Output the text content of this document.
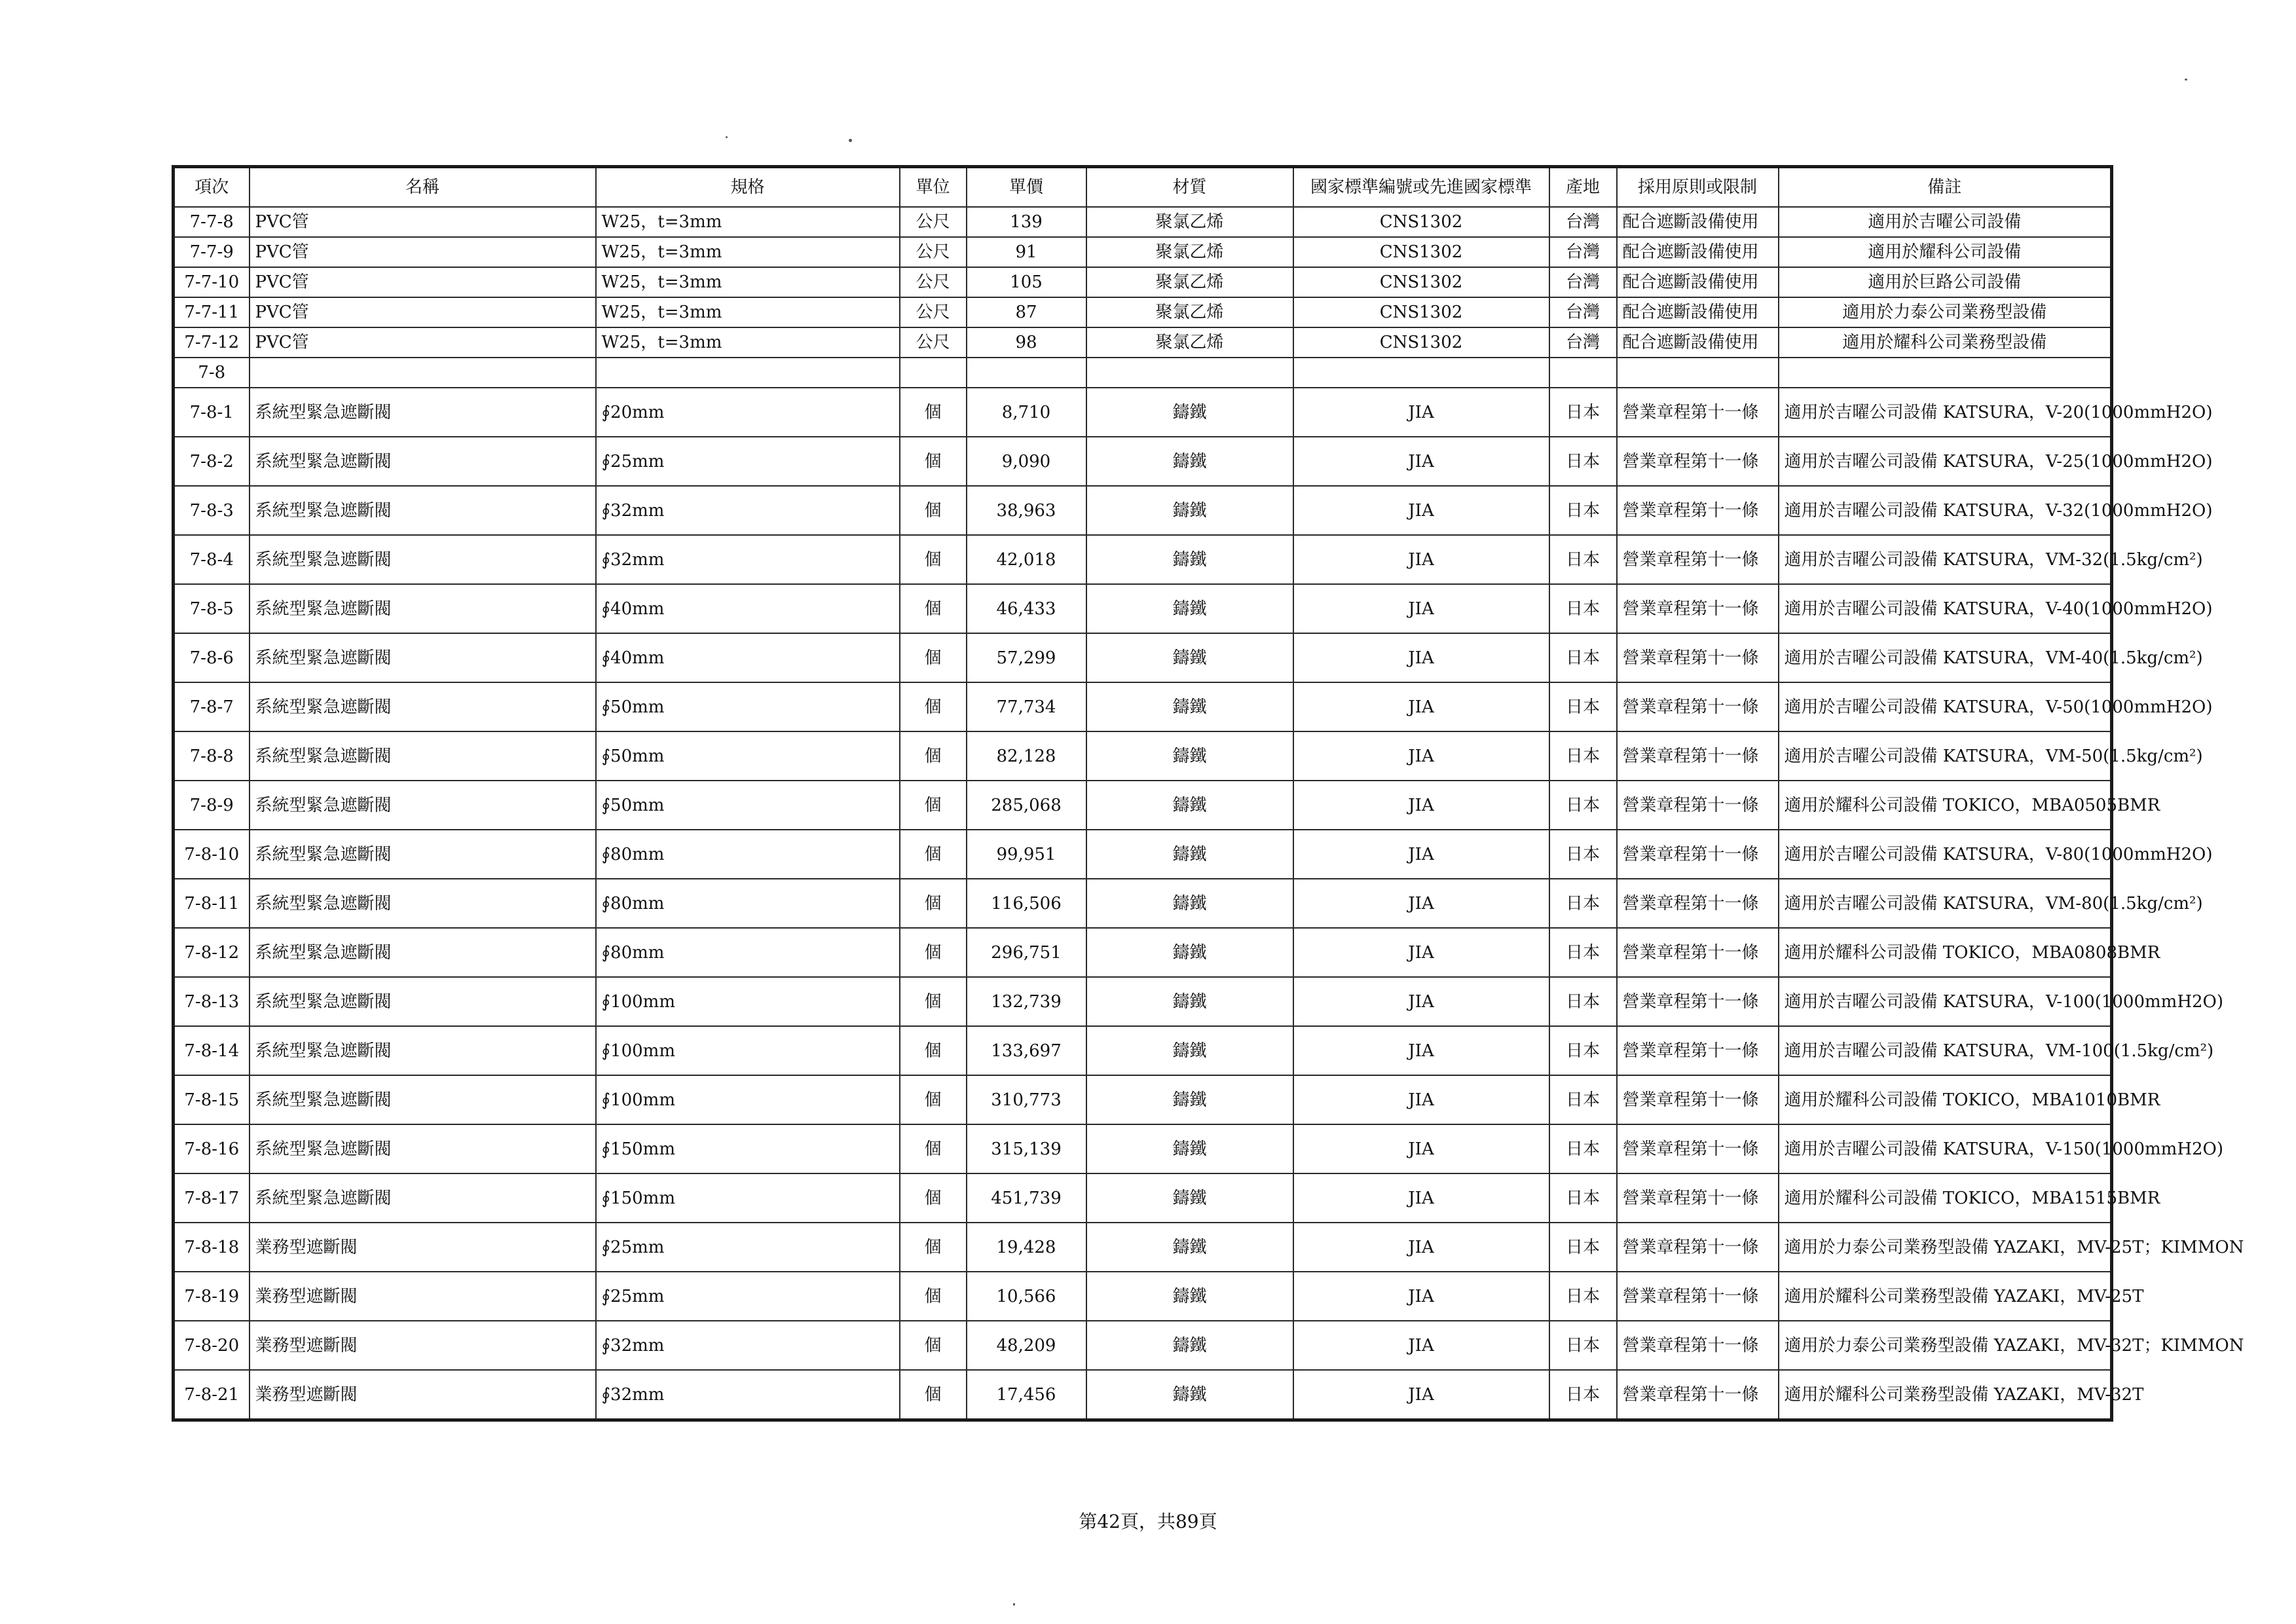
項次	名稱	規格	單位	單價	材質	國家標準編號或先進國家標準	產地	採用原則或限制	備註
7-7-8	PVC管	W25，t=3mm	公尺	139	聚氯乙烯	CNS1302	台灣	配合遮斷設備使用	適用於吉曜公司設備
7-7-9	PVC管	W25，t=3mm	公尺	91	聚氯乙烯	CNS1302	台灣	配合遮斷設備使用	適用於耀科公司設備
7-7-10	PVC管	W25，t=3mm	公尺	105	聚氯乙烯	CNS1302	台灣	配合遮斷設備使用	適用於巨路公司設備
7-7-11	PVC管	W25，t=3mm	公尺	87	聚氯乙烯	CNS1302	台灣	配合遮斷設備使用	適用於力泰公司業務型設備
7-7-12	PVC管	W25，t=3mm	公尺	98	聚氯乙烯	CNS1302	台灣	配合遮斷設備使用	適用於耀科公司業務型設備
7-8									
7-8-1	系統型緊急遮斷閥	∮20mm	個	8,710	鑄鐵	JIA	日本	營業章程第十一條	適用於吉曜公司設備 KATSURA，V-20(1000mmH2O)
7-8-2	系統型緊急遮斷閥	∮25mm	個	9,090	鑄鐵	JIA	日本	營業章程第十一條	適用於吉曜公司設備 KATSURA，V-25(1000mmH2O)
7-8-3	系統型緊急遮斷閥	∮32mm	個	38,963	鑄鐵	JIA	日本	營業章程第十一條	適用於吉曜公司設備 KATSURA，V-32(1000mmH2O)
7-8-4	系統型緊急遮斷閥	∮32mm	個	42,018	鑄鐵	JIA	日本	營業章程第十一條	適用於吉曜公司設備 KATSURA，VM-32(1.5kg/cm²)
7-8-5	系統型緊急遮斷閥	∮40mm	個	46,433	鑄鐵	JIA	日本	營業章程第十一條	適用於吉曜公司設備 KATSURA，V-40(1000mmH2O)
7-8-6	系統型緊急遮斷閥	∮40mm	個	57,299	鑄鐵	JIA	日本	營業章程第十一條	適用於吉曜公司設備 KATSURA，VM-40(1.5kg/cm²)
7-8-7	系統型緊急遮斷閥	∮50mm	個	77,734	鑄鐵	JIA	日本	營業章程第十一條	適用於吉曜公司設備 KATSURA，V-50(1000mmH2O)
7-8-8	系統型緊急遮斷閥	∮50mm	個	82,128	鑄鐵	JIA	日本	營業章程第十一條	適用於吉曜公司設備 KATSURA，VM-50(1.5kg/cm²)
7-8-9	系統型緊急遮斷閥	∮50mm	個	285,068	鑄鐵	JIA	日本	營業章程第十一條	適用於耀科公司設備 TOKICO，MBA0505BMR
7-8-10	系統型緊急遮斷閥	∮80mm	個	99,951	鑄鐵	JIA	日本	營業章程第十一條	適用於吉曜公司設備 KATSURA，V-80(1000mmH2O)
7-8-11	系統型緊急遮斷閥	∮80mm	個	116,506	鑄鐵	JIA	日本	營業章程第十一條	適用於吉曜公司設備 KATSURA，VM-80(1.5kg/cm²)
7-8-12	系統型緊急遮斷閥	∮80mm	個	296,751	鑄鐵	JIA	日本	營業章程第十一條	適用於耀科公司設備 TOKICO，MBA0808BMR
7-8-13	系統型緊急遮斷閥	∮100mm	個	132,739	鑄鐵	JIA	日本	營業章程第十一條	適用於吉曜公司設備 KATSURA，V-100(1000mmH2O)
7-8-14	系統型緊急遮斷閥	∮100mm	個	133,697	鑄鐵	JIA	日本	營業章程第十一條	適用於吉曜公司設備 KATSURA，VM-100(1.5kg/cm²)
7-8-15	系統型緊急遮斷閥	∮100mm	個	310,773	鑄鐵	JIA	日本	營業章程第十一條	適用於耀科公司設備 TOKICO，MBA1010BMR
7-8-16	系統型緊急遮斷閥	∮150mm	個	315,139	鑄鐵	JIA	日本	營業章程第十一條	適用於吉曜公司設備 KATSURA，V-150(1000mmH2O)
7-8-17	系統型緊急遮斷閥	∮150mm	個	451,739	鑄鐵	JIA	日本	營業章程第十一條	適用於耀科公司設備 TOKICO，MBA1515BMR
7-8-18	業務型遮斷閥	∮25mm	個	19,428	鑄鐵	JIA	日本	營業章程第十一條	適用於力泰公司業務型設備 YAZAKI，MV-25T；KIMMON
7-8-19	業務型遮斷閥	∮25mm	個	10,566	鑄鐵	JIA	日本	營業章程第十一條	適用於耀科公司業務型設備 YAZAKI，MV-25T
7-8-20	業務型遮斷閥	∮32mm	個	48,209	鑄鐵	JIA	日本	營業章程第十一條	適用於力泰公司業務型設備 YAZAKI，MV-32T；KIMMON
7-8-21	業務型遮斷閥	∮32mm	個	17,456	鑄鐵	JIA	日本	營業章程第十一條	適用於耀科公司業務型設備 YAZAKI，MV-32T
第42頁，共89頁
